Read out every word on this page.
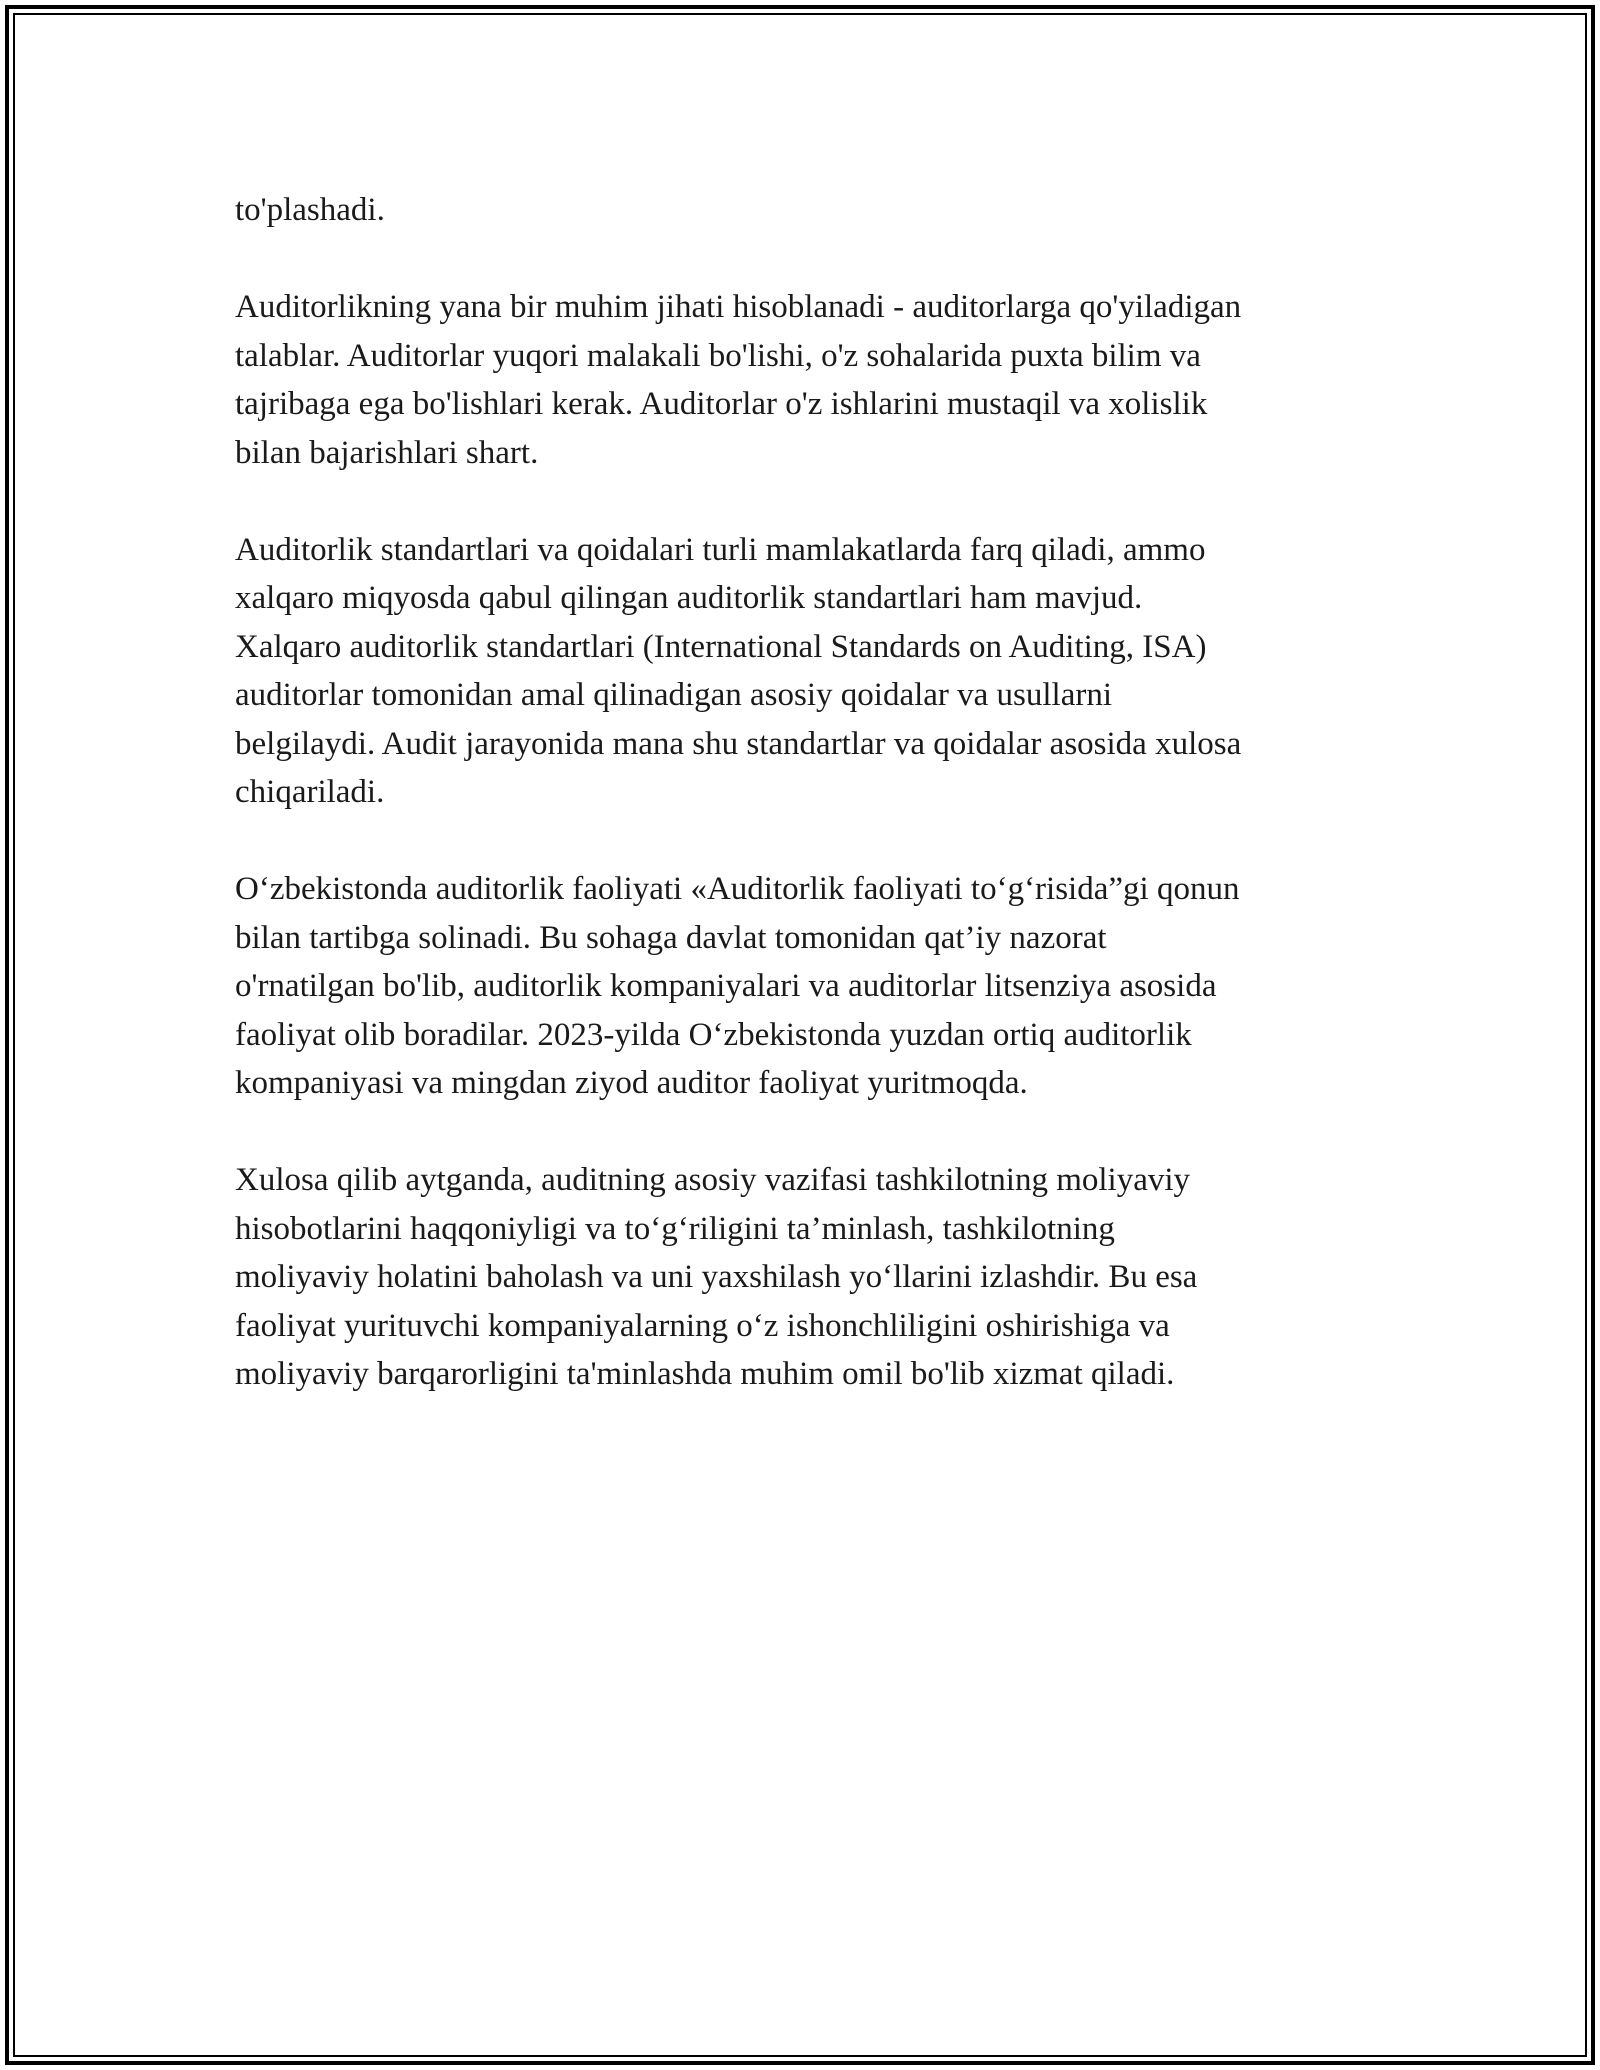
to'plashadi.

Auditorlikning yana bir muhim jihati hisoblanadi - auditorlarga qo'yiladigan
talablar. Auditorlar yuqori malakali bo'lishi, o'z sohalarida puxta bilim va
tajribaga ega bo'lishlari kerak. Auditorlar o'z ishlarini mustaqil va xolislik
bilan bajarishlari shart.

Auditorlik standartlari va qoidalari turli mamlakatlarda farq qiladi, ammo
xalqaro miqyosda qabul qilingan auditorlik standartlari ham mavjud.
Xalqaro auditorlik standartlari (International Standards on Auditing, ISA)
auditorlar tomonidan amal qilinadigan asosiy qoidalar va usullarni
belgilaydi. Audit jarayonida mana shu standartlar va qoidalar asosida xulosa
chiqariladi.

O‘zbekistonda auditorlik faoliyati «Auditorlik faoliyati to‘g‘risida”gi qonun
bilan tartibga solinadi. Bu sohaga davlat tomonidan qat’iy nazorat
o'rnatilgan bo'lib, auditorlik kompaniyalari va auditorlar litsenziya asosida
faoliyat olib boradilar. 2023-yilda O‘zbekistonda yuzdan ortiq auditorlik
kompaniyasi va mingdan ziyod auditor faoliyat yuritmoqda.

Xulosa qilib aytganda, auditning asosiy vazifasi tashkilotning moliyaviy
hisobotlarini haqqoniyligi va to‘g‘riligini ta’minlash, tashkilotning
moliyaviy holatini baholash va uni yaxshilash yo‘llarini izlashdir. Bu esa
faoliyat yurituvchi kompaniyalarning o‘z ishonchliligini oshirishiga va
moliyaviy barqarorligini ta'minlashda muhim omil bo'lib xizmat qiladi.
